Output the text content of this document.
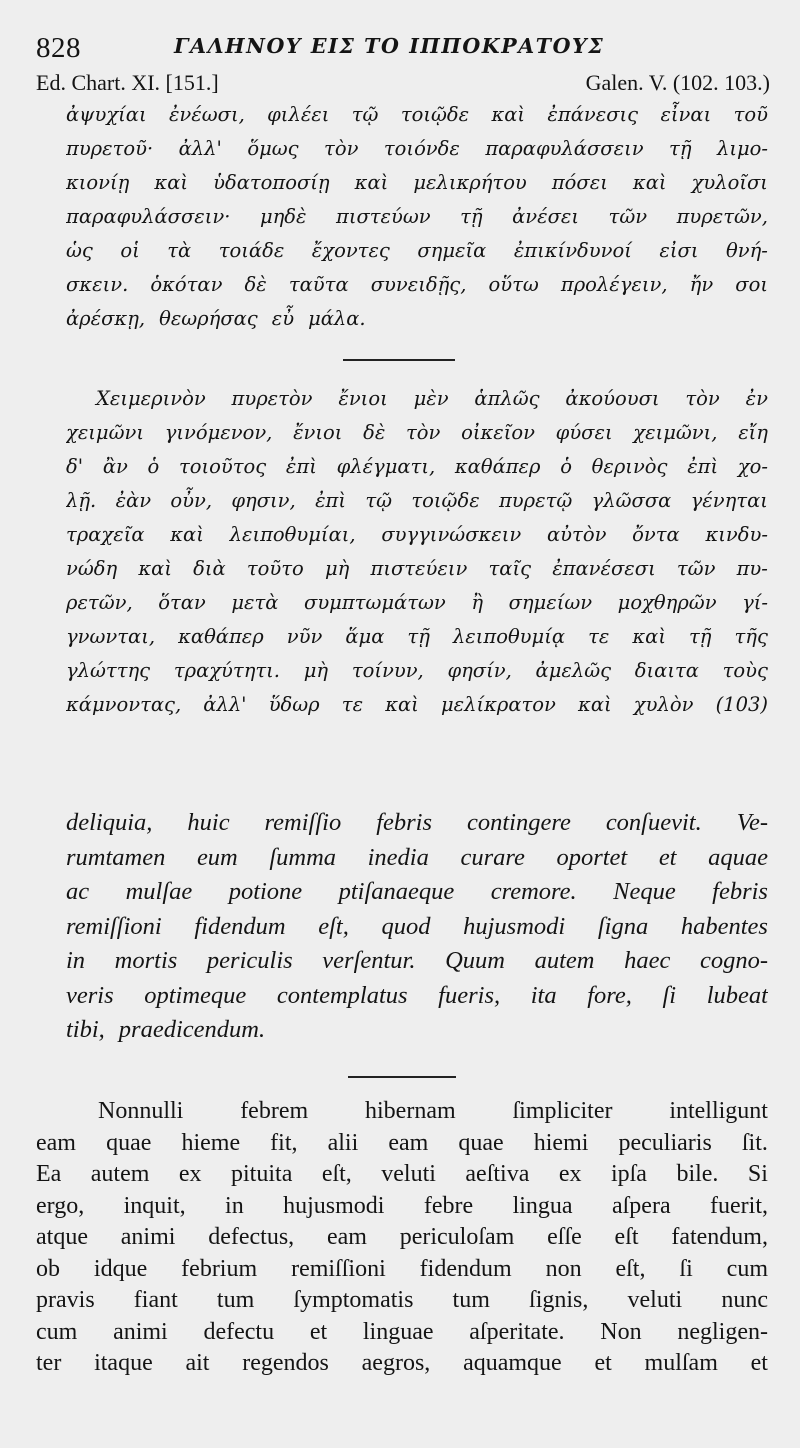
828	ΓΑΛΗΝΟΥ ΕΙΣ ΤΟ ΙΠΠΟΚΡΑΤΟΥΣ
Ed. Chart. XI. [151.]	Galen. V. (102. 103.)
ἀψυχίαι ἐνέωσι, φιλέει τῷ τοιῷδε καὶ ἐπάνεσις εἶναι τοῦ
πυρετοῦ· ἀλλ' ὅμως τὸν τοιόνδε παραφυλάσσειν τῇ λιμο-
κιονίῃ καὶ ὑδατοποσίῃ καὶ μελικρήτου πόσει καὶ χυλοῖσι
παραφυλάσσειν· μηδὲ πιστεύων τῇ ἀνέσει τῶν πυρετῶν,
ὡς οἱ τὰ τοιάδε ἔχοντες σημεῖα ἐπικίνδυνοί εἰσι θνή-
σκειν. ὁκόταν δὲ ταῦτα συνειδῇς, οὕτω προλέγειν, ἤν σοι
ἀρέσκῃ, θεωρήσας εὖ μάλα.
Χειμερινὸν πυρετὸν ἔνιοι μὲν ἁπλῶς ἀκούουσι τὸν ἐν
χειμῶνι γινόμενον, ἔνιοι δὲ τὸν οἰκεῖον φύσει χειμῶνι, εἴη
δ' ἂν ὁ τοιοῦτος ἐπὶ φλέγματι, καθάπερ ὁ θερινὸς ἐπὶ χο-
λῇ. ἐὰν οὖν, φησιν, ἐπὶ τῷ τοιῷδε πυρετῷ γλῶσσα γένηται
τραχεῖα καὶ λειποθυμίαι, συγγινώσκειν αὐτὸν ὄντα κινδυ-
νώδη καὶ διὰ τοῦτο μὴ πιστεύειν ταῖς ἐπανέσεσι τῶν πυ-
ρετῶν, ὅταν μετὰ συμπτωμάτων ἢ σημείων μοχθηρῶν γί-
γνωνται, καθάπερ νῦν ἅμα τῇ λειποθυμίᾳ τε καὶ τῇ τῆς
γλώττης τραχύτητι. μὴ τοίνυν, φησίν, ἀμελῶς διαιτα τοὺς
κάμνοντας, ἀλλ' ὕδωρ τε καὶ μελίκρατον καὶ χυλὸν (103)
deliquia, huic remiſſio febris contingere conſuevit. Ve-
rumtamen eum ſumma inedia curare oportet et aquae
ac mulſae potione ptiſanaeque cremore. Neque febris
remiſſioni fidendum eſt, quod hujusmodi ſigna habentes
in mortis periculis verſentur. Quum autem haec cogno-
veris optimeque contemplatus fueris, ita fore, ſi lubeat
tibi, praedicendum.
Nonnulli febrem hibernam ſimpliciter intelligunt
eam quae hieme fit, alii eam quae hiemi peculiaris ſit.
Ea autem ex pituita eſt, veluti aeſtiva ex ipſa bile. Si
ergo, inquit, in hujusmodi febre lingua aſpera fuerit,
atque animi defectus, eam periculoſam eſſe eſt fatendum,
ob idque febrium remiſſioni fidendum non eſt, ſi cum
pravis fiant tum ſymptomatis tum ſignis, veluti nunc
cum animi defectu et linguae aſperitate. Non negligen-
ter itaque ait regendos aegros, aquamque et mulſam et
